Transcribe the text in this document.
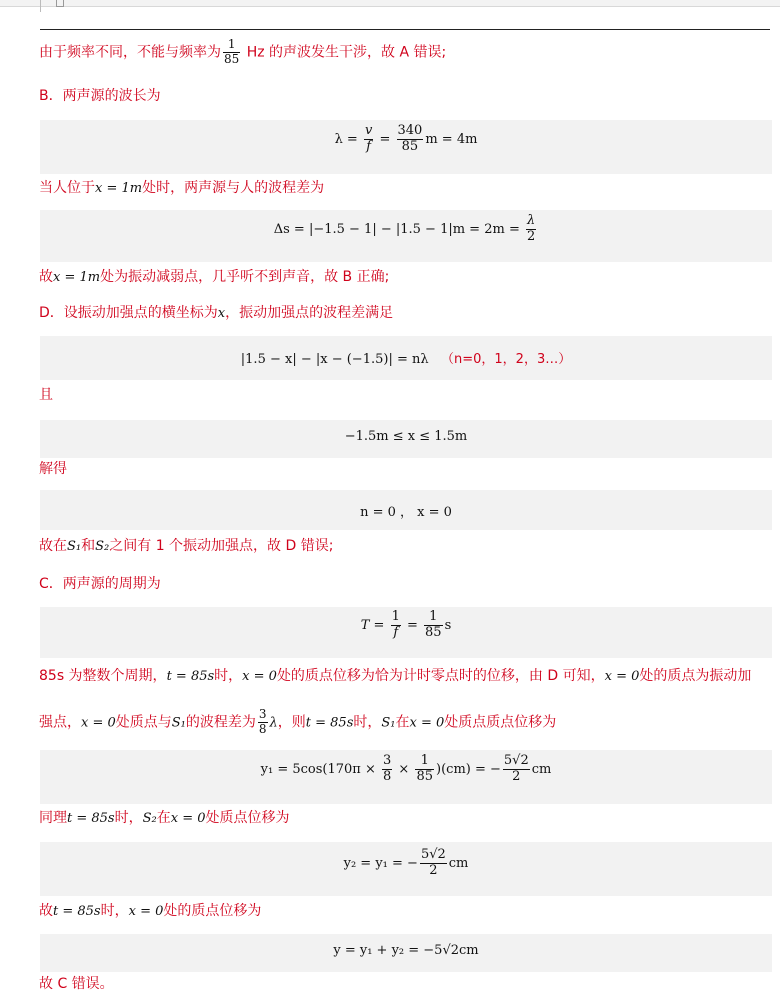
由于频率不同，不能与频率为 $\frac{1}{85}$ Hz 的声波发生干涉，故 A 错误;
B．两声源的波长为
$\lambda = \frac{v}{f} = \frac{340}{85}$ m = 4m
当人位于x = 1m处时，两声源与人的波程差为
$\Delta s = |-1.5 - 1| - |1.5 - 1|m = 2m = \frac{\lambda}{2}$
故x = 1m处为振动减弱点，几乎听不到声音，故 B 正确;
D．设振动加强点的横坐标为x，振动加强点的波程差满足
|1.5 − x| − |x − (−1.5)| = nλ （n=0，1，2，3…）
且
−1.5m ≤ x ≤ 1.5m
解得
n = 0 ， x = 0
故在S₁和S₂之间有 1 个振动加强点，故 D 错误;
C．两声源的周期为
$T = \frac{1}{f} = \frac{1}{85}$ s
85s 为整数个周期，t = 85s时，x = 0处的质点位移为恰为计时零点时的位移，由 D 可知，x = 0处的质点为振动加
强点，x = 0处质点与S₁的波程差为 $\frac{3}{8}$ λ，则t = 85s时，S₁在x = 0处质点质点位移为
$y_1 = 5\cos(170\pi \times \frac{3}{8} \times \frac{1}{85} )(cm)$ = − $\frac{5√2}{2}$ cm
同理t = 85s时，S₂在x = 0处质点位移为
y₂ = y₁ = − $\frac{5√2}{2}$ cm
故t = 85s时，x = 0处的质点位移为
y = y₁ + y₂ = −5√2cm
故 C 错误。
